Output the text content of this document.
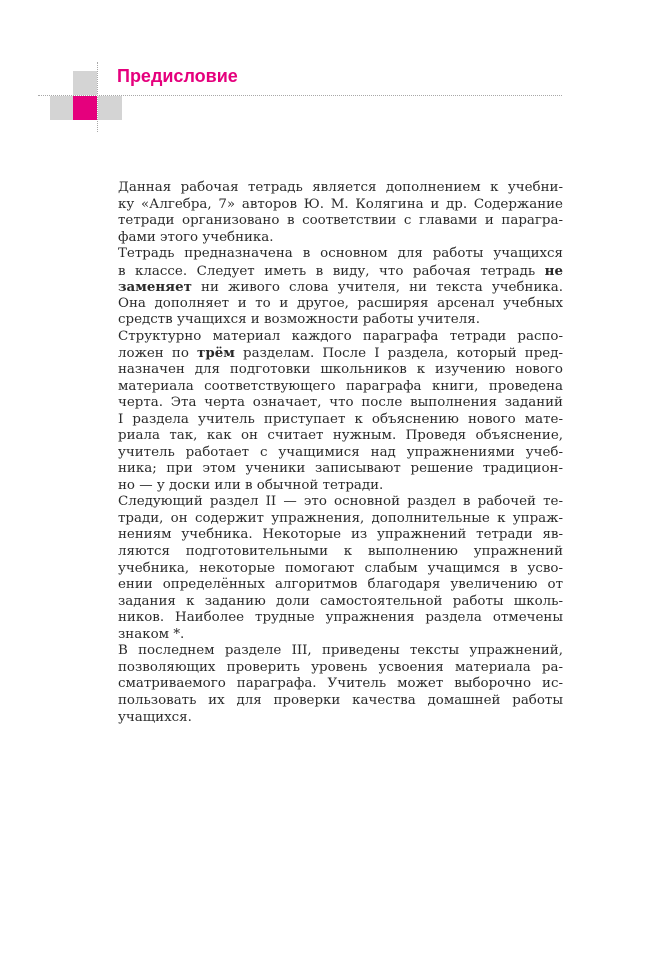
Предисловие
Данная рабочая тетрадь является дополнением к учебни-
ку «Алгебра, 7» авторов Ю. М. Колягина и др. Содержание
тетради организовано в соответствии с главами и парагра-
фами этого учебника.
Тетрадь предназначена в основном для работы учащихся
в классе. Следует иметь в виду, что рабочая тетрадь не
заменяет ни живого слова учителя, ни текста учебника.
Она дополняет и то и другое, расширяя арсенал учебных
средств учащихся и возможности работы учителя.
Структурно материал каждого параграфа тетради распо-
ложен по трём разделам. После I раздела, который пред-
назначен для подготовки школьников к изучению нового
материала соответствующего параграфа книги, проведена
черта. Эта черта означает, что после выполнения заданий
I раздела учитель приступает к объяснению нового мате-
риала так, как он считает нужным. Проведя объяснение,
учитель работает с учащимися над упражнениями учеб-
ника; при этом ученики записывают решение традицион-
но — у доски или в обычной тетради.
Следующий раздел II — это основной раздел в рабочей те-
тради, он содержит упражнения, дополнительные к упраж-
нениям учебника. Некоторые из упражнений тетради яв-
ляются подготовительными к выполнению упражнений
учебника, некоторые помогают слабым учащимся в усво-
ении определённых алгоритмов благодаря увеличению от
задания к заданию доли самостоятельной работы школь-
ников. Наиболее трудные упражнения раздела отмечены
знаком *.
В последнем разделе III, приведены тексты упражнений,
позволяющих проверить уровень усвоения материала ра-
сматриваемого параграфа. Учитель может выборочно ис-
пользовать их для проверки качества домашней работы
учащихся.
